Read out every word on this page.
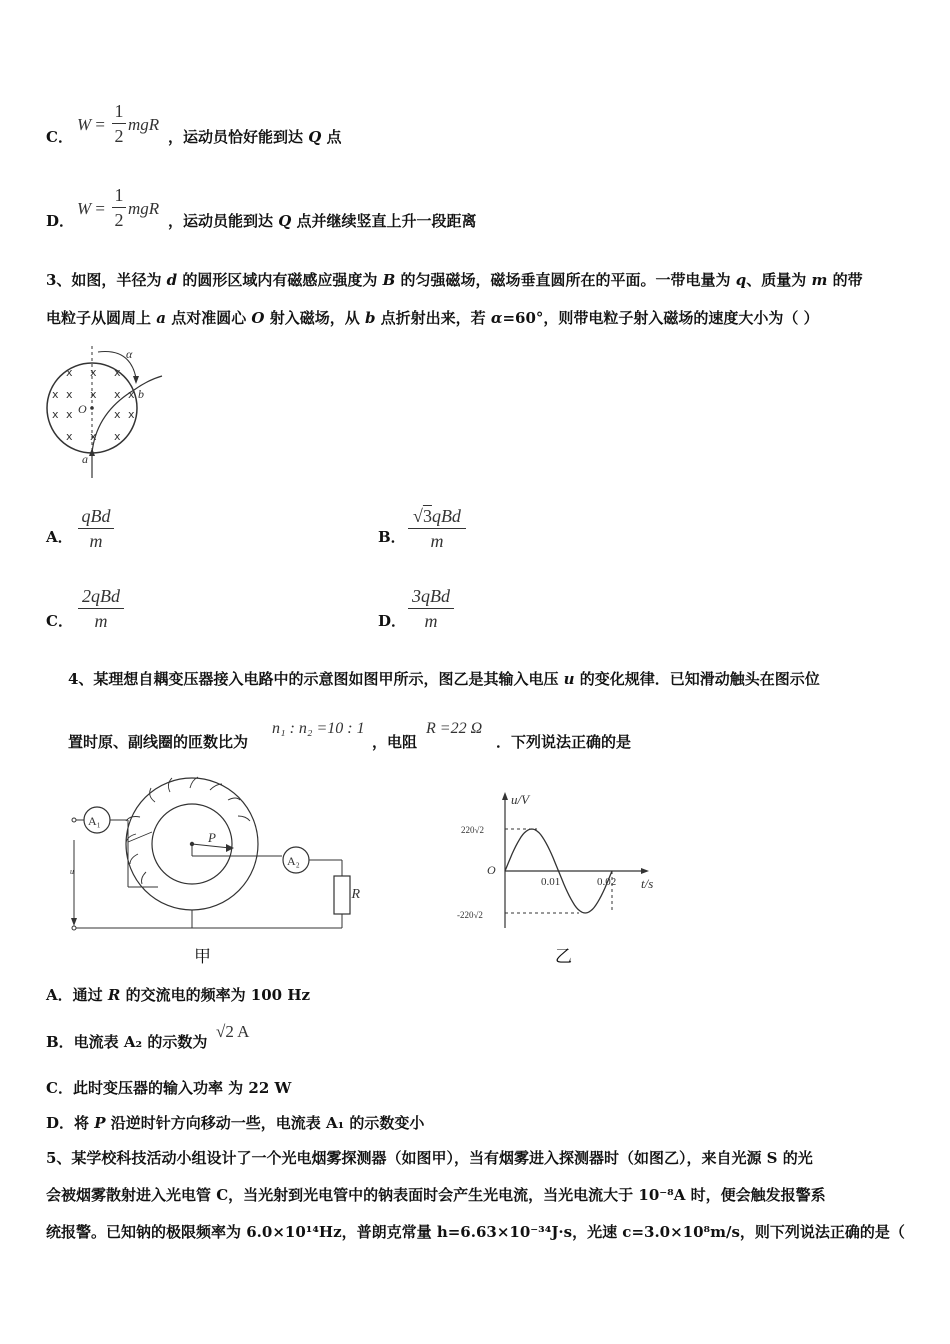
C．
W =
1
2
mgR
，运动员恰好能到达 Q 点
D．
W =
1
2
mgR
，运动员能到达 Q 点并继续竖直上升一段距离
3、如图，半径为 d 的圆形区域内有磁感应强度为 B 的匀强磁场，磁场垂直圆所在的平面。一带电量为 q、质量为 m 的带
电粒子从圆周上 a 点对准圆心 O 射入磁场，从 b 点折射出来，若 α=60°，则带电粒子射入磁场的速度大小为（ ）
α
b
O
a
x x x
x x x x x
x x	x x
x x x
A．
qBd
m	B．
√3qBd
m
C．
2qBd
m	D．
3qBd
m
4、某理想自耦变压器接入电路中的示意图如图甲所示，图乙是其输入电压 u 的变化规律．已知滑动触头在图示位
置时原、副线圈的匝数比为
n₁ : n₂ =10 : 1
，电阻
R =22 Ω
．下列说法正确的是
A₁
u
P
A₂
R
甲
u/V
t/s
O
220√2
-220√2
0.01	0.02
乙
A．通过 R 的交流电的频率为 100 Hz
B．电流表 A₂ 的示数为
√2 A
C．此时变压器的输入功率 为 22 W
D．将 P 沿逆时针方向移动一些，电流表 A₁ 的示数变小
5、某学校科技活动小组设计了一个光电烟雾探测器（如图甲），当有烟雾进入探测器时（如图乙），来自光源 S 的光
会被烟雾散射进入光电管 C，当光射到光电管中的钠表面时会产生光电流，当光电流大于 10⁻⁸A 时，便会触发报警系
统报警。已知钠的极限频率为 6.0×10¹⁴Hz，普朗克常量 h=6.63×10⁻³⁴J·s，光速 c=3.0×10⁸m/s，则下列说法正确的是（
